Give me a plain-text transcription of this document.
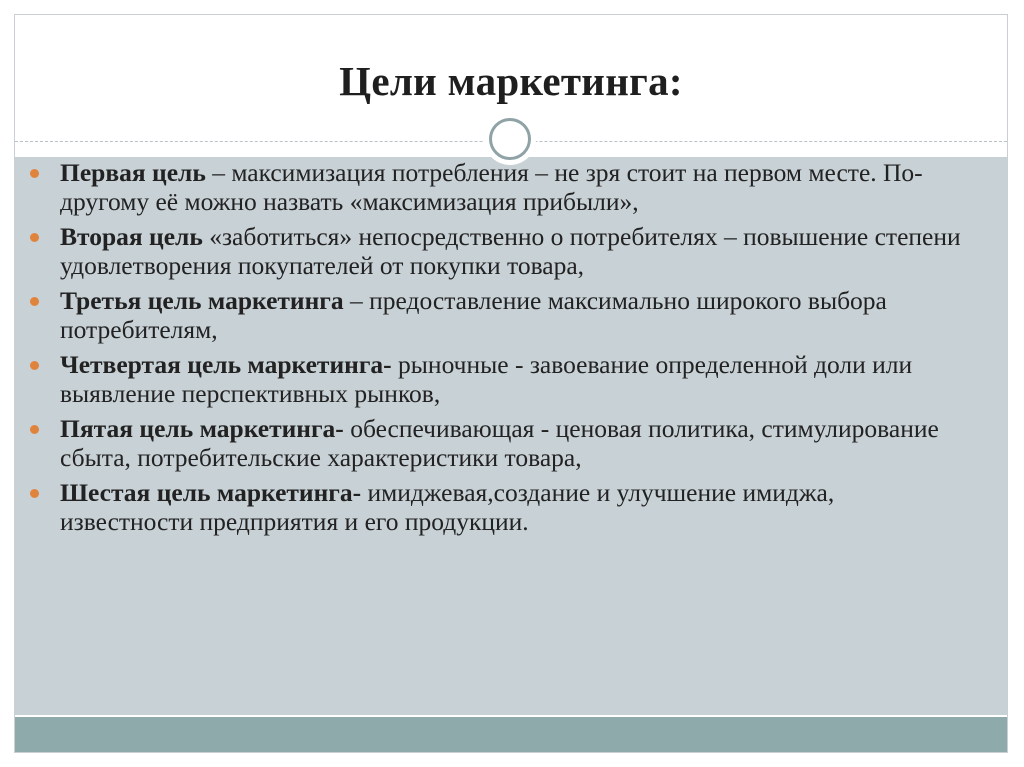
Цели маркетинга:
Первая цель – максимизация потребления – не зря стоит на первом месте. По-другому её можно назвать «максимизация прибыли»,
Вторая цель «заботиться» непосредственно о потребителях – повышение степени удовлетворения покупателей от покупки товара,
Третья цель маркетинга – предоставление максимально широкого выбора потребителям,
Четвертая цель маркетинга- рыночные - завоевание определенной доли или выявление перспективных рынков,
Пятая цель маркетинга- обеспечивающая - ценовая политика, стимулирование сбыта, потребительские характеристики товара,
Шестая цель маркетинга- имиджевая,создание и улучшение имиджа, известности предприятия и его продукции.
